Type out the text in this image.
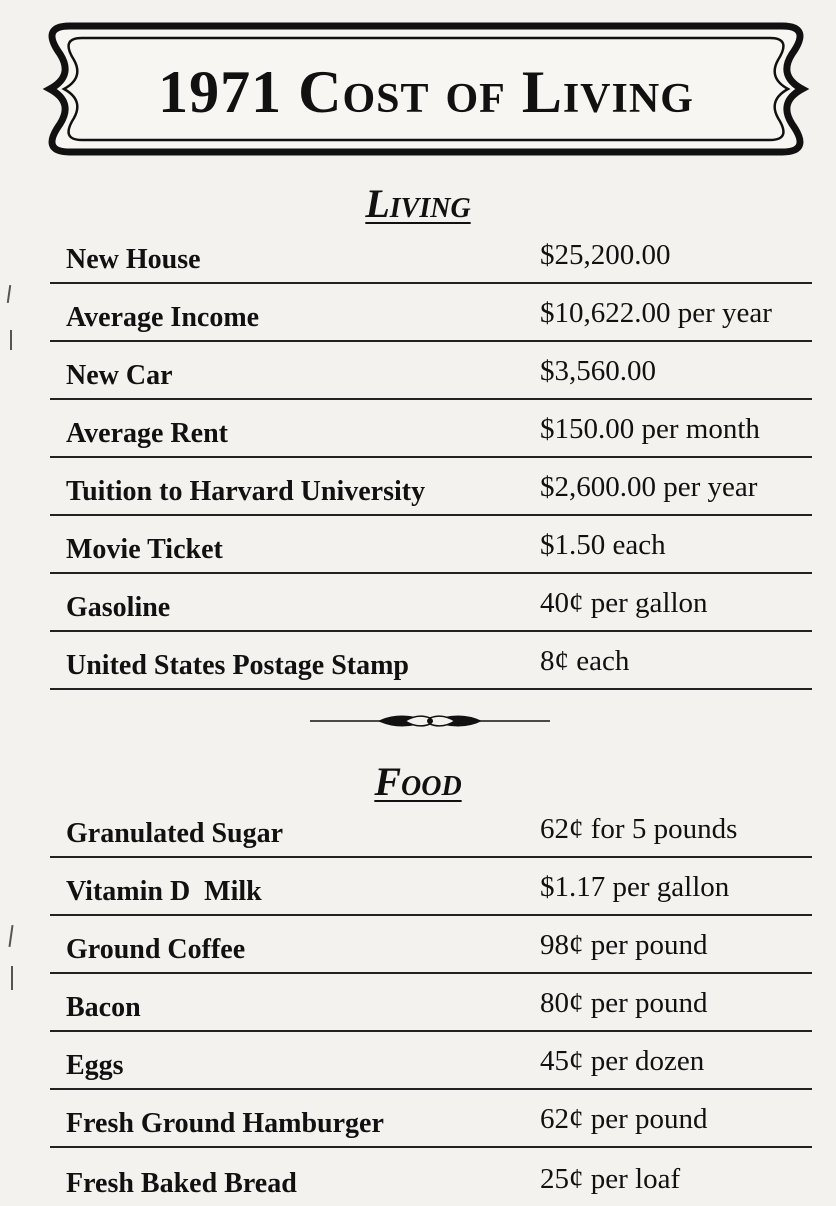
1971 Cost of Living
Living
New House	$25,200.00
Average Income	$10,622.00 per year
New Car	$3,560.00
Average Rent	$150.00 per month
Tuition to Harvard University	$2,600.00 per year
Movie Ticket	$1.50 each
Gasoline	40¢ per gallon
United States Postage Stamp	8¢ each
Food
Granulated Sugar	62¢ for 5 pounds
Vitamin D  Milk	$1.17 per gallon
Ground Coffee	98¢ per pound
Bacon	80¢ per pound
Eggs	45¢ per dozen
Fresh Ground Hamburger	62¢ per pound
Fresh Baked Bread	25¢ per loaf
